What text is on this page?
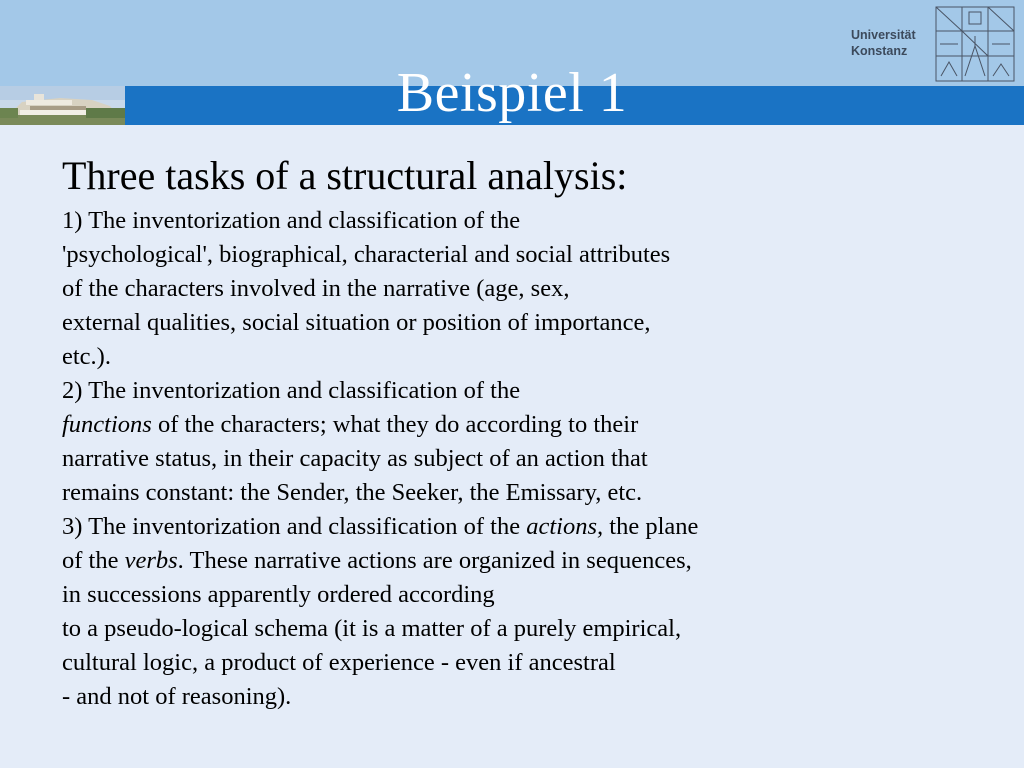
Universität
Konstanz
Beispiel 1
Three tasks of a structural analysis:
1) The inventorization and classification of the
'psychological', biographical, characterial and social attributes
of the characters involved in the narrative (age, sex,
external qualities, social situation or position of importance,
etc.).
2) The inventorization and classification of the
functions of the characters; what they do according to their
narrative status, in their capacity as subject of an action that
remains constant: the Sender, the Seeker, the Emissary, etc.
3) The inventorization and classification of the actions, the plane
of the verbs. These narrative actions are organized in sequences,
in successions apparently ordered according
to a pseudo-logical schema (it is a matter of a purely empirical,
cultural logic, a product of experience - even if ancestral
- and not of reasoning).
